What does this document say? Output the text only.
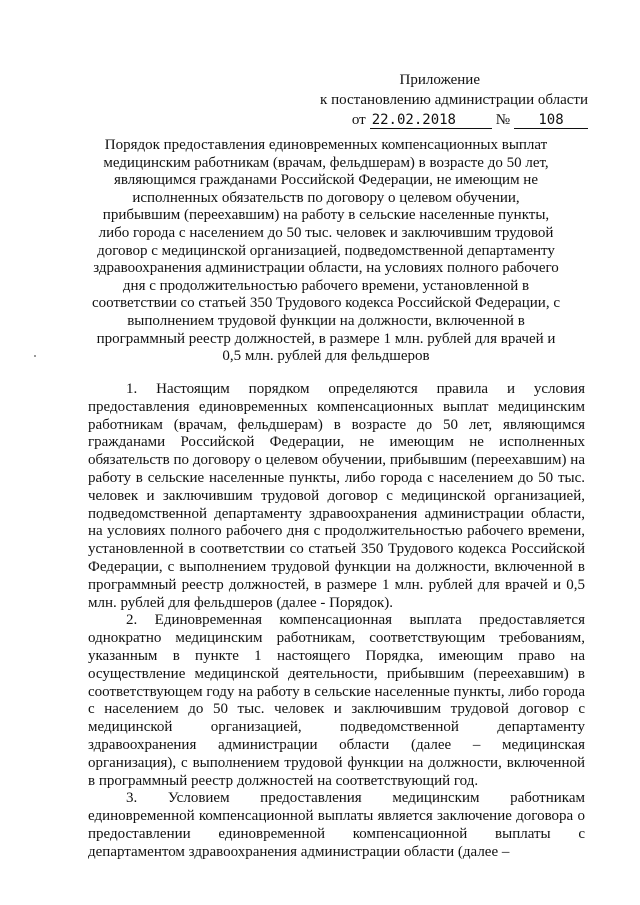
Приложение
к постановлению администрации области
от 22.02.2018	№	108
Порядок предоставления единовременных компенсационных выплат медицинским работникам (врачам, фельдшерам) в возрасте до 50 лет, являющимся гражданами Российской Федерации, не имеющим не исполненных обязательств по договору о целевом обучении, прибывшим (переехавшим) на работу в сельские населенные пункты, либо города с населением до 50 тыс. человек и заключившим трудовой договор с медицинской организацией, подведомственной департаменту здравоохранения администрации области, на условиях полного рабочего дня с продолжительностью рабочего времени, установленной в соответствии со статьей 350 Трудового кодекса Российской Федерации, с выполнением трудовой функции на должности, включенной в программный реестр должностей, в размере 1 млн. рублей для врачей и 0,5 млн. рублей для фельдшеров

1. Настоящим порядком определяются правила и условия предоставления единовременных компенсационных выплат медицинским работникам (врачам, фельдшерам) в возрасте до 50 лет, являющимся гражданами Российской Федерации, не имеющим не исполненных обязательств по договору о целевом обучении, прибывшим (переехавшим) на работу в сельские населенные пункты, либо города с населением до 50 тыс. человек и заключившим трудовой договор с медицинской организацией, подведомственной департаменту здравоохранения администрации области, на условиях полного рабочего дня с продолжительностью рабочего времени, установленной в соответствии со статьей 350 Трудового кодекса Российской Федерации, с выполнением трудовой функции на должности, включенной в программный реестр должностей, в размере 1 млн. рублей для врачей и 0,5 млн. рублей для фельдшеров (далее - Порядок).

2. Единовременная компенсационная выплата предоставляется однократно медицинским работникам, соответствующим требованиям, указанным в пункте 1 настоящего Порядка, имеющим право на осуществление медицинской деятельности, прибывшим (переехавшим) в соответствующем году на работу в сельские населенные пункты, либо города с населением до 50 тыс. человек и заключившим трудовой договор с медицинской организацией, подведомственной департаменту здравоохранения администрации области (далее – медицинская организация), с выполнением трудовой функции на должности, включенной в программный реестр должностей на соответствующий год.

3. Условием предоставления медицинским работникам единовременной компенсационной выплаты является заключение договора о предоставлении единовременной компенсационной выплаты с департаментом здравоохранения администрации области (далее –
